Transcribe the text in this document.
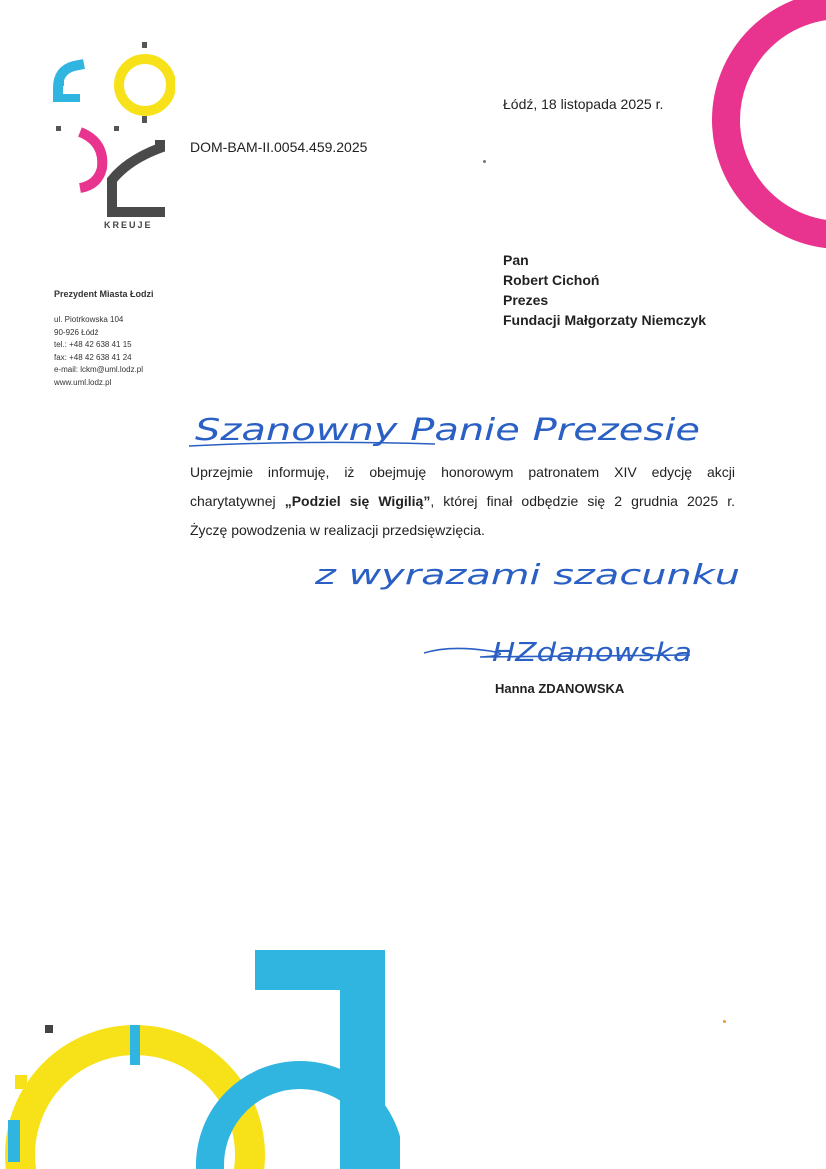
KREUJE
DOM-BAM-II.0054.459.2025
Łódź, 18 listopada 2025 r.
Prezydent Miasta Łodzi
ul. Piotrkowska 104
90-926 Łódź
tel.: +48 42 638 41 15
fax: +48 42 638 41 24
e-mail: lckm@uml.lodz.pl
www.uml.lodz.pl
Pan
Robert Cichoń
Prezes
Fundacji Małgorzaty Niemczyk
Szanowny Panie Prezesie
Uprzejmie informuję, iż obejmuję honorowym patronatem XIV edycję akcji
charytatywnej „Podziel się Wigilią”, której finał odbędzie się 2 grudnia 2025 r.
Życzę powodzenia w realizacji przedsięwzięcia.
z wyrazami szacunku
HZdanowska
Hanna ZDANOWSKA
